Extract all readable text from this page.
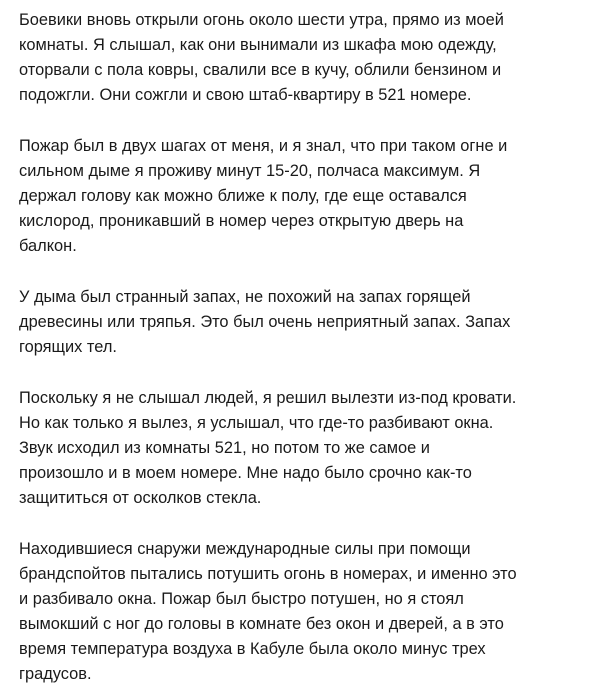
Боевики вновь открыли огонь около шести утра, прямо из моей
комнаты. Я слышал, как они вынимали из шкафа мою одежду,
оторвали с пола ковры, свалили все в кучу, облили бензином и
подожгли. Они сожгли и свою штаб-квартиру в 521 номере.

Пожар был в двух шагах от меня, и я знал, что при таком огне и
сильном дыме я проживу минут 15-20, полчаса максимум. Я
держал голову как можно ближе к полу, где еще оставался
кислород, проникавший в номер через открытую дверь на
балкон.

У дыма был странный запах, не похожий на запах горящей
древесины или тряпья. Это был очень неприятный запах. Запах
горящих тел.

Поскольку я не слышал людей, я решил вылезти из-под кровати.
Но как только я вылез, я услышал, что где-то разбивают окна.
Звук исходил из комнаты 521, но потом то же самое и
произошло и в моем номере. Мне надо было срочно как-то
защититься от осколков стекла.

Находившиеся снаружи международные силы при помощи
брандспойтов пытались потушить огонь в номерах, и именно это
и разбивало окна. Пожар был быстро потушен, но я стоял
вымокший с ног до головы в комнате без окон и дверей, а в это
время температура воздуха в Кабуле была около минус трех
градусов.
